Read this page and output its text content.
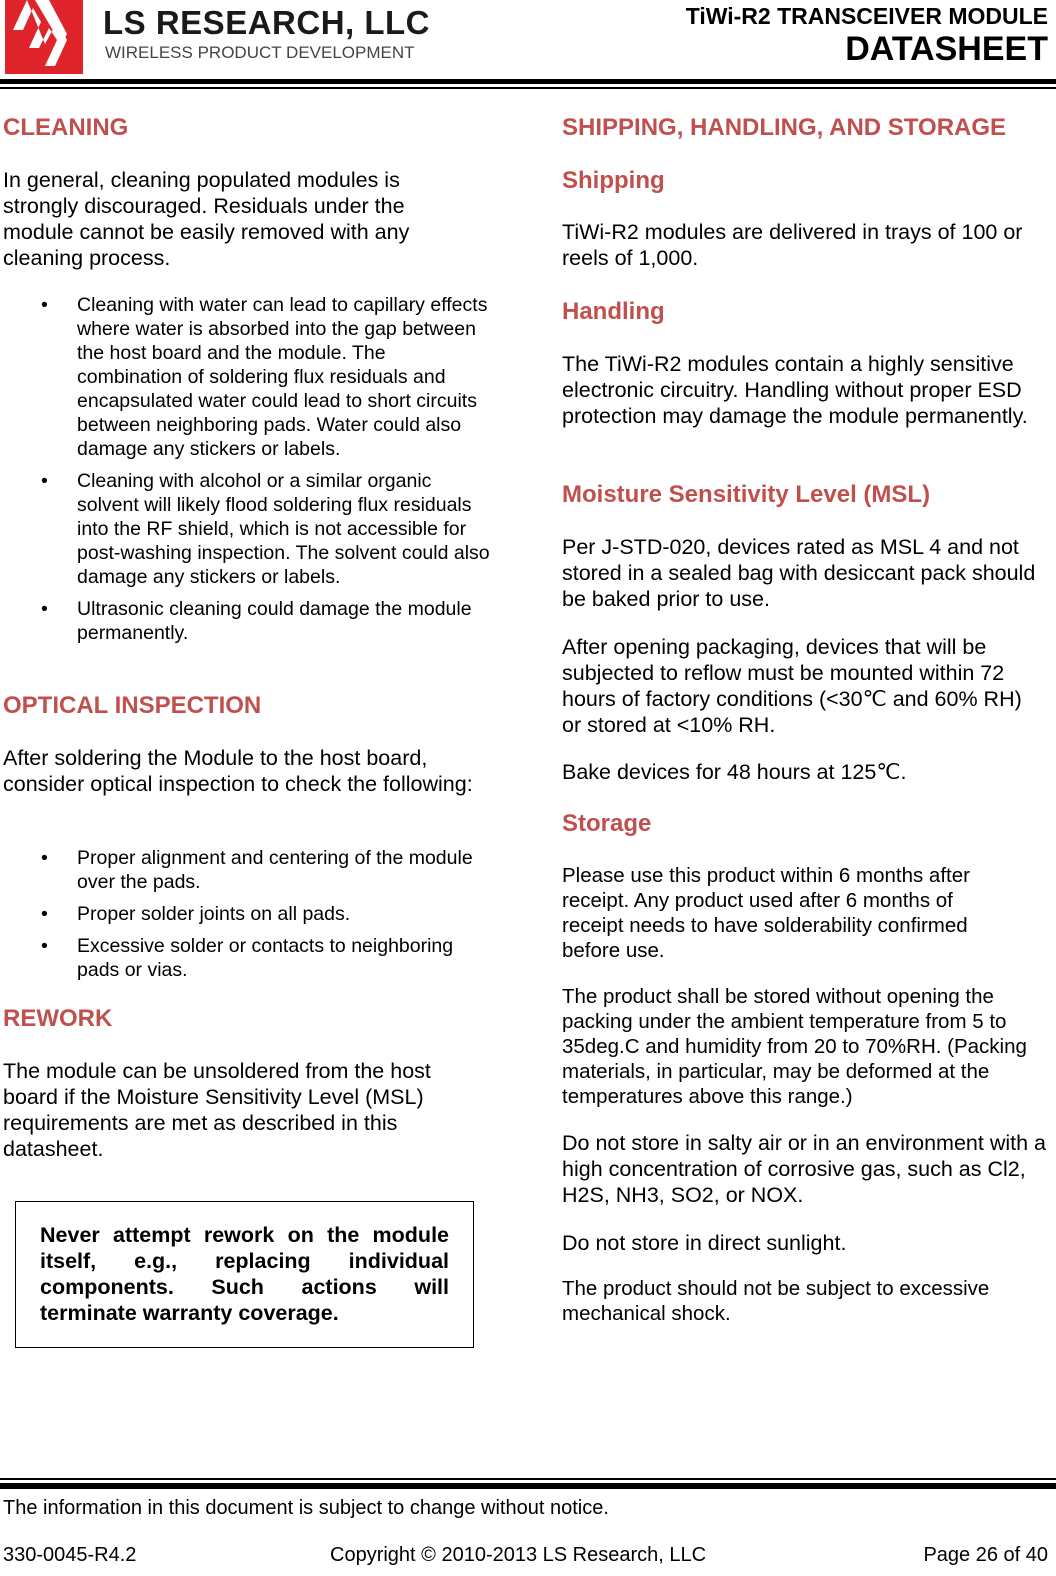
LS RESEARCH, LLC
WIRELESS PRODUCT DEVELOPMENT
TiWi-R2 TRANSCEIVER MODULE
DATASHEET
CLEANING
In general, cleaning populated modules is strongly discouraged. Residuals under the module cannot be easily removed with any cleaning process.
• Cleaning with water can lead to capillary effects where water is absorbed into the gap between the host board and the module. The combination of soldering flux residuals and encapsulated water could lead to short circuits between neighboring pads. Water could also damage any stickers or labels.
• Cleaning with alcohol or a similar organic solvent will likely flood soldering flux residuals into the RF shield, which is not accessible for post-washing inspection. The solvent could also damage any stickers or labels.
• Ultrasonic cleaning could damage the module permanently.
OPTICAL INSPECTION
After soldering the Module to the host board, consider optical inspection to check the following:
• Proper alignment and centering of the module over the pads.
• Proper solder joints on all pads.
• Excessive solder or contacts to neighboring pads or vias.
REWORK
The module can be unsoldered from the host board if the Moisture Sensitivity Level (MSL) requirements are met as described in this datasheet.
Never attempt rework on the module itself, e.g., replacing individual components. Such actions will terminate warranty coverage.
SHIPPING, HANDLING, AND STORAGE
Shipping
TiWi-R2 modules are delivered in trays of 100 or reels of 1,000.
Handling
The TiWi-R2 modules contain a highly sensitive electronic circuitry. Handling without proper ESD protection may damage the module permanently.
Moisture Sensitivity Level (MSL)
Per J-STD-020, devices rated as MSL 4 and not stored in a sealed bag with desiccant pack should be baked prior to use.
After opening packaging, devices that will be subjected to reflow must be mounted within 72 hours of factory conditions (<30℃ and 60% RH) or stored at <10% RH.
Bake devices for 48 hours at 125℃.
Storage
Please use this product within 6 months after receipt. Any product used after 6 months of receipt needs to have solderability confirmed before use.
The product shall be stored without opening the packing under the ambient temperature from 5 to 35deg.C and humidity from 20 to 70%RH. (Packing materials, in particular, may be deformed at the temperatures above this range.)
Do not store in salty air or in an environment with a high concentration of corrosive gas, such as Cl2, H2S, NH3, SO2, or NOX.
Do not store in direct sunlight.
The product should not be subject to excessive mechanical shock.
The information in this document is subject to change without notice.
330-0045-R4.2	Copyright © 2010-2013 LS Research, LLC	Page 26 of 40
